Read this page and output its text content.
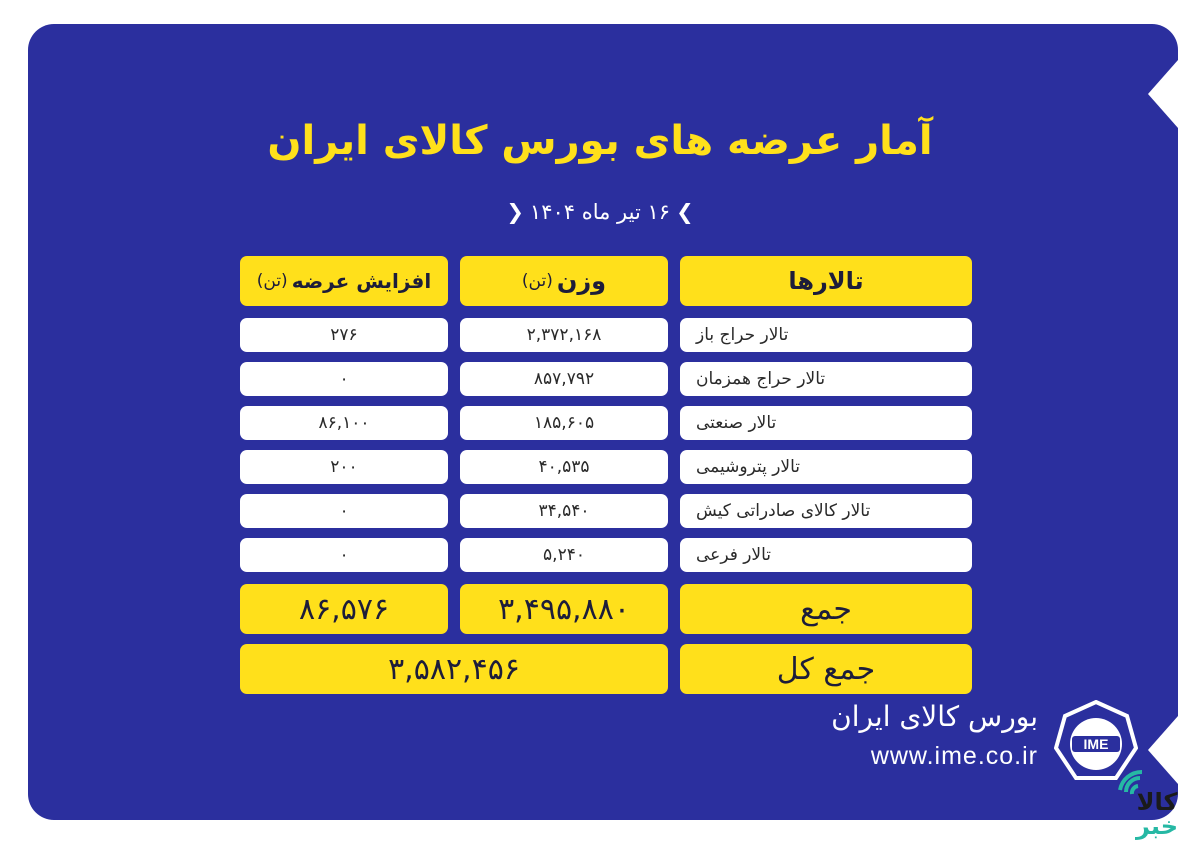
آمار عرضه های بورس کالای ایران
❯۱۶ تیر ماه ۱۴۰۴❮
تالارها
وزن
(تن)
افزایش عرضه
(تن)
تالار حراج باز
۲,۳۷۲,۱۶۸
۲۷۶
تالار حراج همزمان
۸۵۷,۷۹۲
۰
تالار صنعتی
۱۸۵,۶۰۵
۸۶,۱۰۰
تالار پتروشیمی
۴۰,۵۳۵
۲۰۰
تالار کالای صادراتی کیش
۳۴,۵۴۰
۰
تالار فرعی
۵,۲۴۰
۰
جمع
۳,۴۹۵,۸۸۰
۸۶,۵۷۶
جمع کل
۳,۵۸۲,۴۵۶
بورس کالای ایران
www.ime.co.ir	IME
کالا
خبر
